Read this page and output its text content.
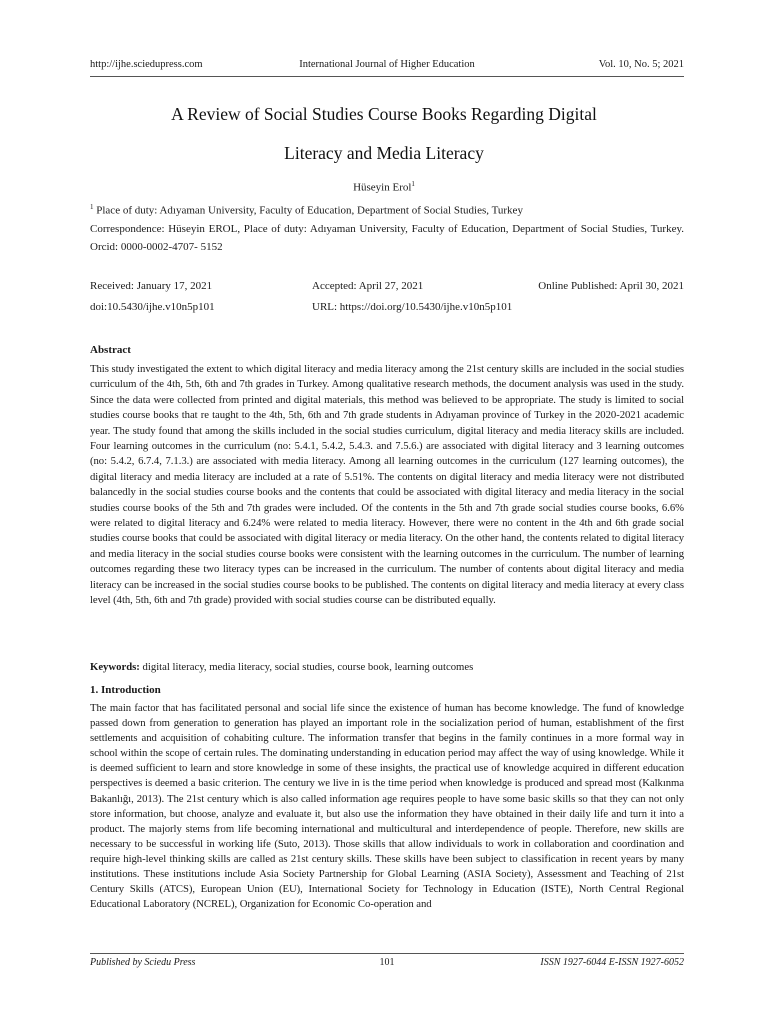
http://ijhe.sciedupress.com	International Journal of Higher Education	Vol. 10, No. 5; 2021
A Review of Social Studies Course Books Regarding Digital
Literacy and Media Literacy
Hüseyin Erol$^1$
$^1$ Place of duty: Adıyaman University, Faculty of Education, Department of Social Studies, Turkey
Correspondence: Hüseyin EROL, Place of duty: Adıyaman University, Faculty of Education, Department of Social Studies, Turkey. Orcid: 0000-0002-4707- 5152
Received: January 17, 2021	Accepted: April 27, 2021	Online Published: April 30, 2021
doi:10.5430/ijhe.v10n5p101	URL: https://doi.org/10.5430/ijhe.v10n5p101
Abstract
This study investigated the extent to which digital literacy and media literacy among the 21st century skills are included in the social studies curriculum of the 4th, 5th, 6th and 7th grades in Turkey. Among qualitative research methods, the document analysis was used in the study. Since the data were collected from printed and digital materials, this method was believed to be appropriate. The study is limited to social studies course books that re taught to the 4th, 5th, 6th and 7th grade students in Adıyaman province of Turkey in the 2020-2021 academic year. The study found that among the skills included in the social studies curriculum, digital literacy and media literacy skills are included. Four learning outcomes in the curriculum (no: 5.4.1, 5.4.2, 5.4.3. and 7.5.6.) are associated with digital literacy and 3 learning outcomes (no: 5.4.2, 6.7.4, 7.1.3.) are associated with media literacy. Among all learning outcomes in the curriculum (127 learning outcomes), the digital literacy and media literacy are included at a rate of 5.51%. The contents on digital literacy and media literacy were not distributed balancedly in the social studies course books and the contents that could be associated with digital literacy and media literacy in the social studies course books of the 5th and 7th grades were included. Of the contents in the 5th and 7th grade social studies course books, 6.6% were related to digital literacy and 6.24% were related to media literacy. However, there were no content in the 4th and 6th grade social studies course books that could be associated with digital literacy or media literacy. On the other hand, the contents related to digital literacy and media literacy in the social studies course books were consistent with the learning outcomes in the curriculum. The number of learning outcomes regarding these two literacy types can be increased in the curriculum. The number of contents about digital literacy and media literacy can be increased in the social studies course books to be published. The contents on digital literacy and media literacy at every class level (4th, 5th, 6th and 7th grade) provided with social studies course can be distributed equally.
Keywords: digital literacy, media literacy, social studies, course book, learning outcomes
1. Introduction
The main factor that has facilitated personal and social life since the existence of human has become knowledge. The fund of knowledge passed down from generation to generation has played an important role in the socialization period of human, establishment of the first settlements and acquisition of cohabiting culture. The information transfer that begins in the family continues in a more formal way in school within the scope of certain rules. The dominating understanding in education period may affect the way of using knowledge. While it is deemed sufficient to learn and store knowledge in some of these insights, the practical use of knowledge acquired in different education perspectives is deemed a basic criterion. The century we live in is the time period when knowledge is produced and spread most (Kalkınma Bakanlığı, 2013). The 21st century which is also called information age requires people to have some basic skills so that they can not only store information, but choose, analyze and evaluate it, but also use the information they have obtained in their daily life and turn it into a product. The majorly stems from life becoming international and multicultural and interdependence of people. Therefore, new skills are necessary to be successful in working life (Suto, 2013). Those skills that allow individuals to work in collaboration and coordination and require high-level thinking skills are called as 21st century skills. These skills have been subject to classification in recent years by many institutions. These institutions include Asia Society Partnership for Global Learning (ASIA Society), Assessment and Teaching of 21st Century Skills (ATCS), European Union (EU), International Society for Technology in Education (ISTE), North Central Regional Educational Laboratory (NCREL), Organization for Economic Co-operation and
Published by Sciedu Press	101	ISSN 1927-6044 E-ISSN 1927-6052
